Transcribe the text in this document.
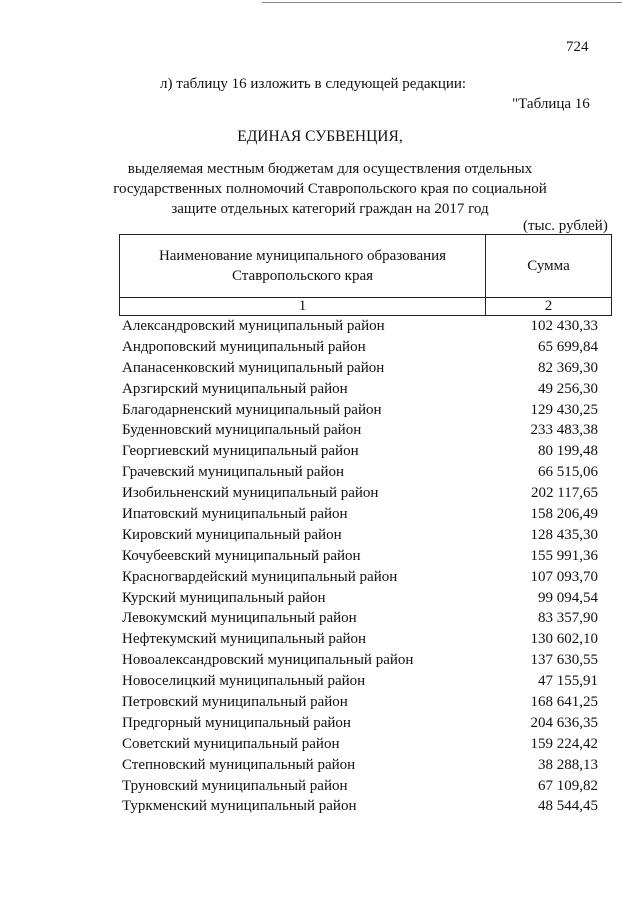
724
л) таблицу 16 изложить в следующей редакции:
"Таблица 16
ЕДИНАЯ СУБВЕНЦИЯ,
выделяемая местным бюджетам для осуществления отдельных
государственных полномочий Ставропольского края по социальной
защите отдельных категорий граждан на 2017 год
(тыс. рублей)
Наименование муниципального образования
Ставропольского края	Сумма
1	2
Александровский муниципальный район	102 430,33
Андроповский муниципальный район	65 699,84
Апанасенковский муниципальный район	82 369,30
Арзгирский муниципальный район	49 256,30
Благодарненский муниципальный район	129 430,25
Буденновский муниципальный район	233 483,38
Георгиевский муниципальный район	80 199,48
Грачевский муниципальный район	66 515,06
Изобильненский муниципальный район	202 117,65
Ипатовский муниципальный район	158 206,49
Кировский муниципальный район	128 435,30
Кочубеевский муниципальный район	155 991,36
Красногвардейский муниципальный район	107 093,70
Курский муниципальный район	99 094,54
Левокумский муниципальный район	83 357,90
Нефтекумский муниципальный район	130 602,10
Новоалександровский муниципальный район	137 630,55
Новоселицкий муниципальный район	47 155,91
Петровский муниципальный район	168 641,25
Предгорный муниципальный район	204 636,35
Советский муниципальный район	159 224,42
Степновский муниципальный район	38 288,13
Труновский муниципальный район	67 109,82
Туркменский муниципальный район	48 544,45
